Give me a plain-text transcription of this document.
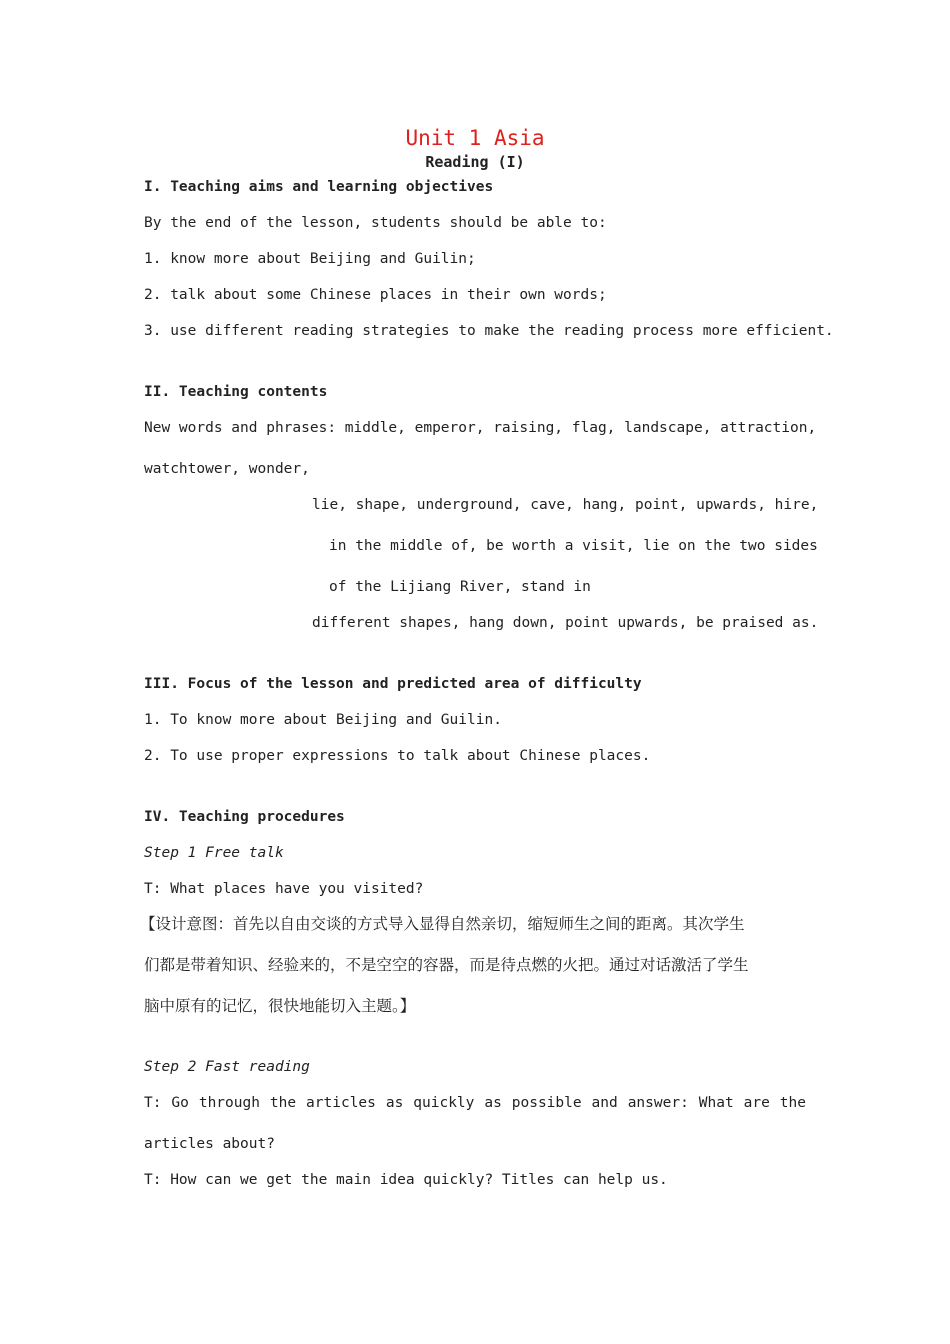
Unit 1 Asia
Reading (I)
I. Teaching aims and learning objectives
By the end of the lesson, students should be able to:
1. know more about Beijing and Guilin;
2. talk about some Chinese places in their own words;
3. use different reading strategies to make the reading process more efficient.
II. Teaching contents
New words and phrases: middle, emperor, raising, flag, landscape, attraction,
watchtower, wonder,
lie, shape, underground, cave, hang, point, upwards, hire,
in the middle of, be worth a visit, lie on the two sides
of the Lijiang River, stand in
different shapes, hang down, point upwards, be praised as.
III. Focus of the lesson and predicted area of difficulty
1. To know more about Beijing and Guilin.
2. To use proper expressions to talk about Chinese places.
IV. Teaching procedures
Step 1 Free talk
T: What places have you visited?
【设计意图：首先以自由交谈的方式导入显得自然亲切，缩短师生之间的距离。其次学生
们都是带着知识、经验来的，不是空空的容器，而是待点燃的火把。通过对话激活了学生
脑中原有的记忆，很快地能切入主题。】
Step 2 Fast reading
T: Go through the articles as quickly as possible and answer: What are the
articles about?
T: How can we get the main idea quickly? Titles can help us.
